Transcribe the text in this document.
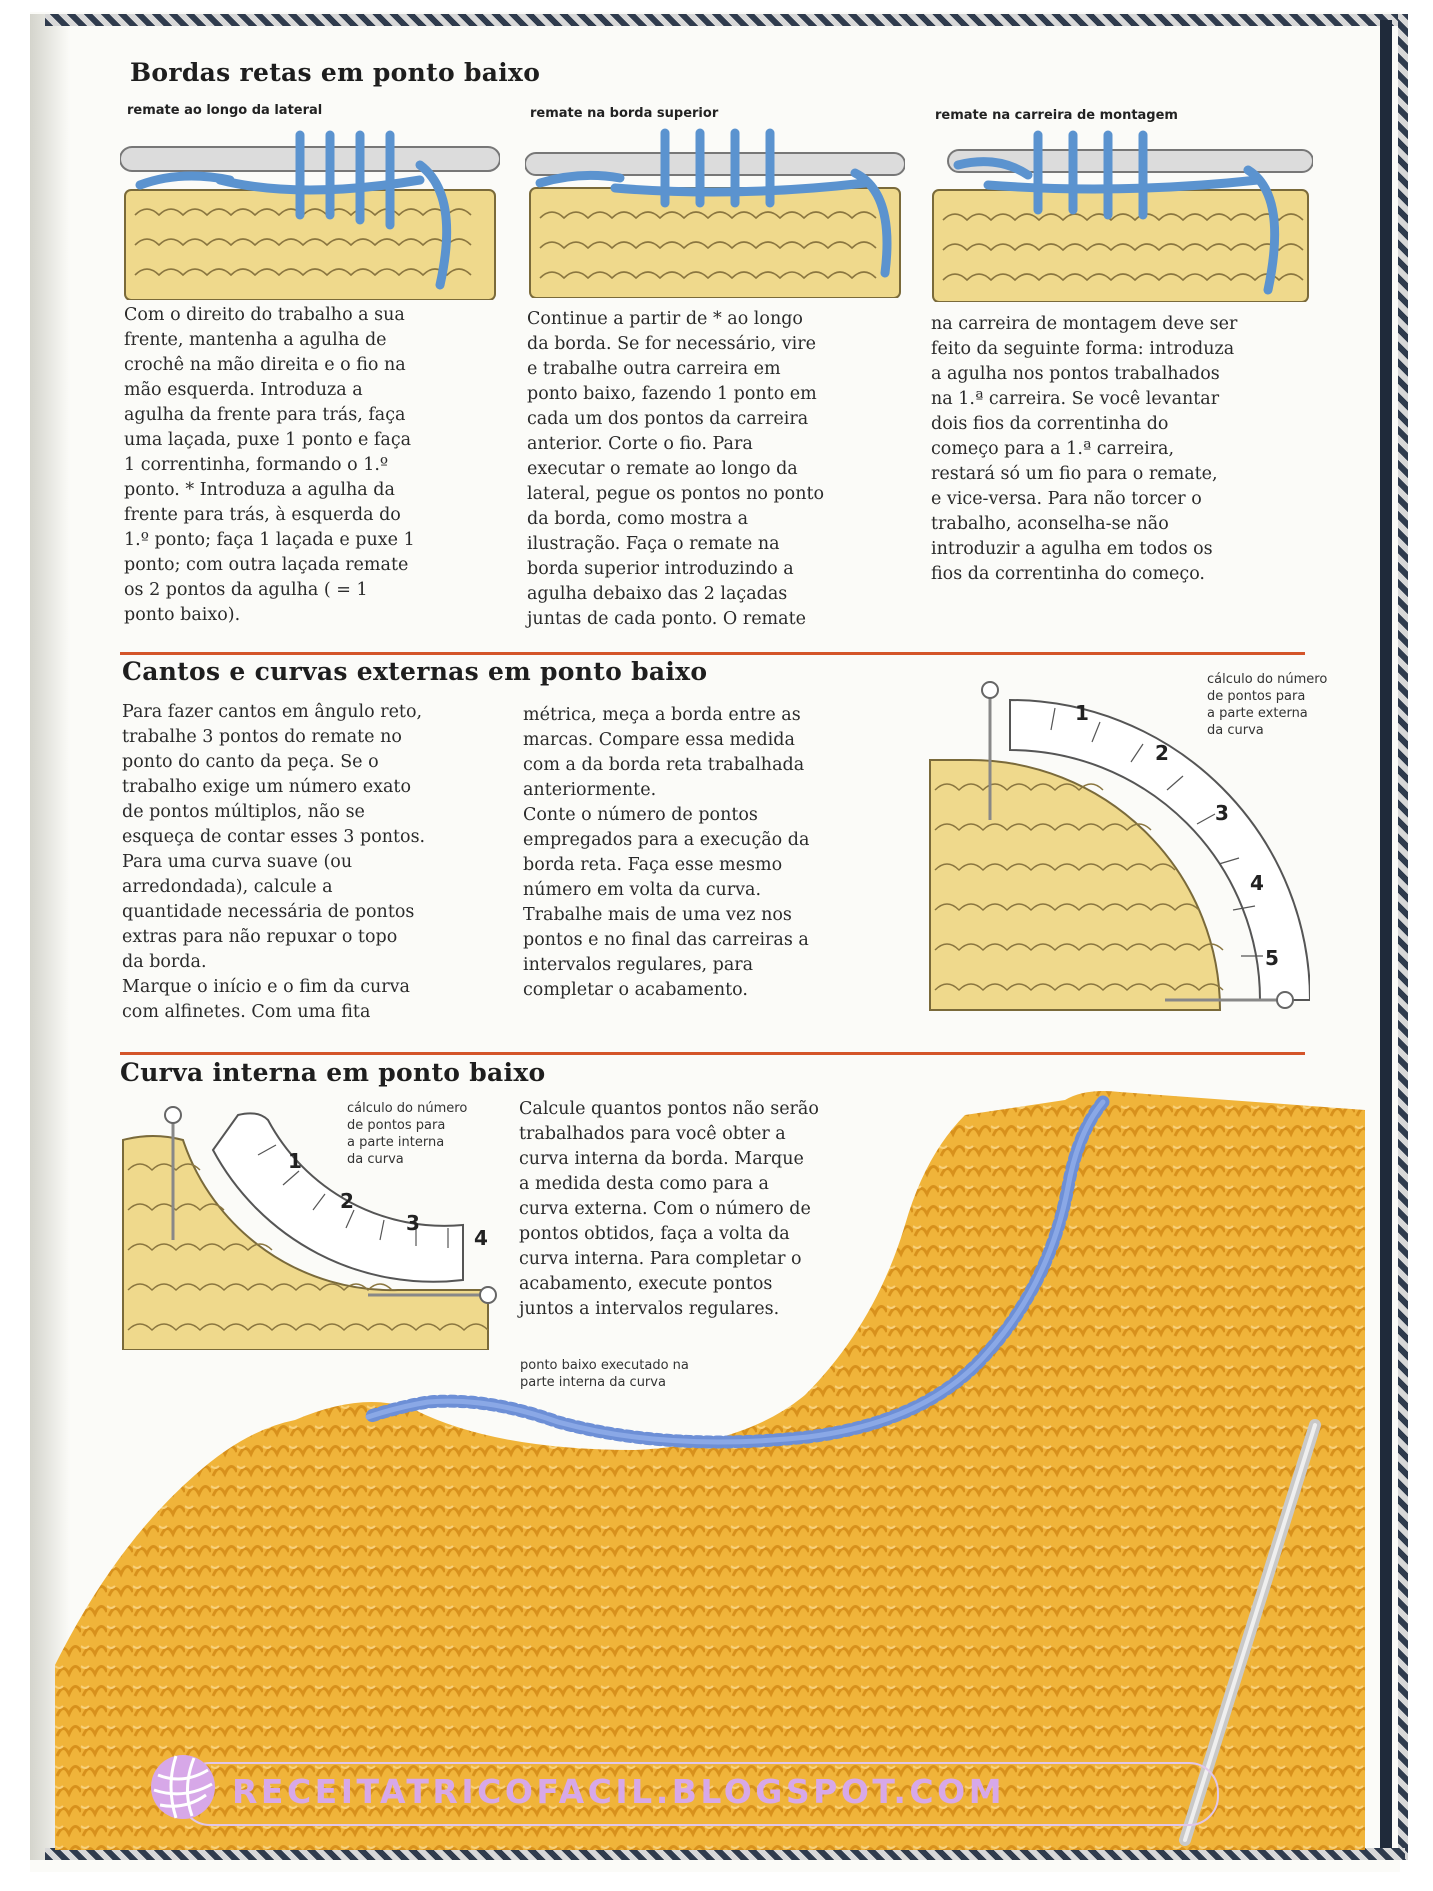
Bordas retas em ponto baixo
remate ao longo da lateral	remate na borda superior	remate na carreira de montagem

Com o direito do trabalho a sua

frente, mantenha a agulha de

crochê na mão direita e o fio na

mão esquerda. Introduza a

agulha da frente para trás, faça

uma laçada, puxe 1 ponto e faça

1 correntinha, formando o 1.º

ponto. * Introduza a agulha da

frente para trás, à esquerda do

1.º ponto; faça 1 laçada e puxe 1

ponto; com outra laçada remate

os 2 pontos da agulha ( = 1

ponto baixo).

Continue a partir de * ao longo

da borda. Se for necessário, vire

e trabalhe outra carreira em

ponto baixo, fazendo 1 ponto em

cada um dos pontos da carreira

anterior. Corte o fio. Para

executar o remate ao longo da

lateral, pegue os pontos no ponto

da borda, como mostra a

ilustração. Faça o remate na

borda superior introduzindo a

agulha debaixo das 2 laçadas

juntas de cada ponto. O remate

na carreira de montagem deve ser

feito da seguinte forma: introduza

a agulha nos pontos trabalhados

na 1.ª carreira. Se você levantar

dois fios da correntinha do

começo para a 1.ª carreira,

restará só um fio para o remate,

e vice-versa. Para não torcer o

trabalho, aconselha-se não

introduzir a agulha em todos os

fios da correntinha do começo.

Cantos e curvas externas em ponto baixo

Para fazer cantos em ângulo reto,

trabalhe 3 pontos do remate no

ponto do canto da peça. Se o

trabalho exige um número exato

de pontos múltiplos, não se

esqueça de contar esses 3 pontos.

Para uma curva suave (ou

arredondada), calcule a

quantidade necessária de pontos

extras para não repuxar o topo

da borda.

Marque o início e o fim da curva

com alfinetes. Com uma fita

métrica, meça a borda entre as

marcas. Compare essa medida

com a da borda reta trabalhada

anteriormente.

Conte o número de pontos

empregados para a execução da

borda reta. Faça esse mesmo

número em volta da curva.

Trabalhe mais de uma vez nos

pontos e no final das carreiras a

intervalos regulares, para

completar o acabamento.

cálculo do número
de pontos para
a parte externa
da curva
1
2
3
4
5
Curva interna em ponto baixo
cálculo do número
de pontos para
a parte interna
da curva
1
2
3
4

Calcule quantos pontos não serão

trabalhados para você obter a

curva interna da borda. Marque

a medida desta como para a

curva externa. Com o número de

pontos obtidos, faça a volta da

curva interna. Para completar o

acabamento, execute pontos

juntos a intervalos regulares.

ponto baixo executado na
parte interna da curva
RECEITATRICOFACIL.BLOGSPOT.COM
